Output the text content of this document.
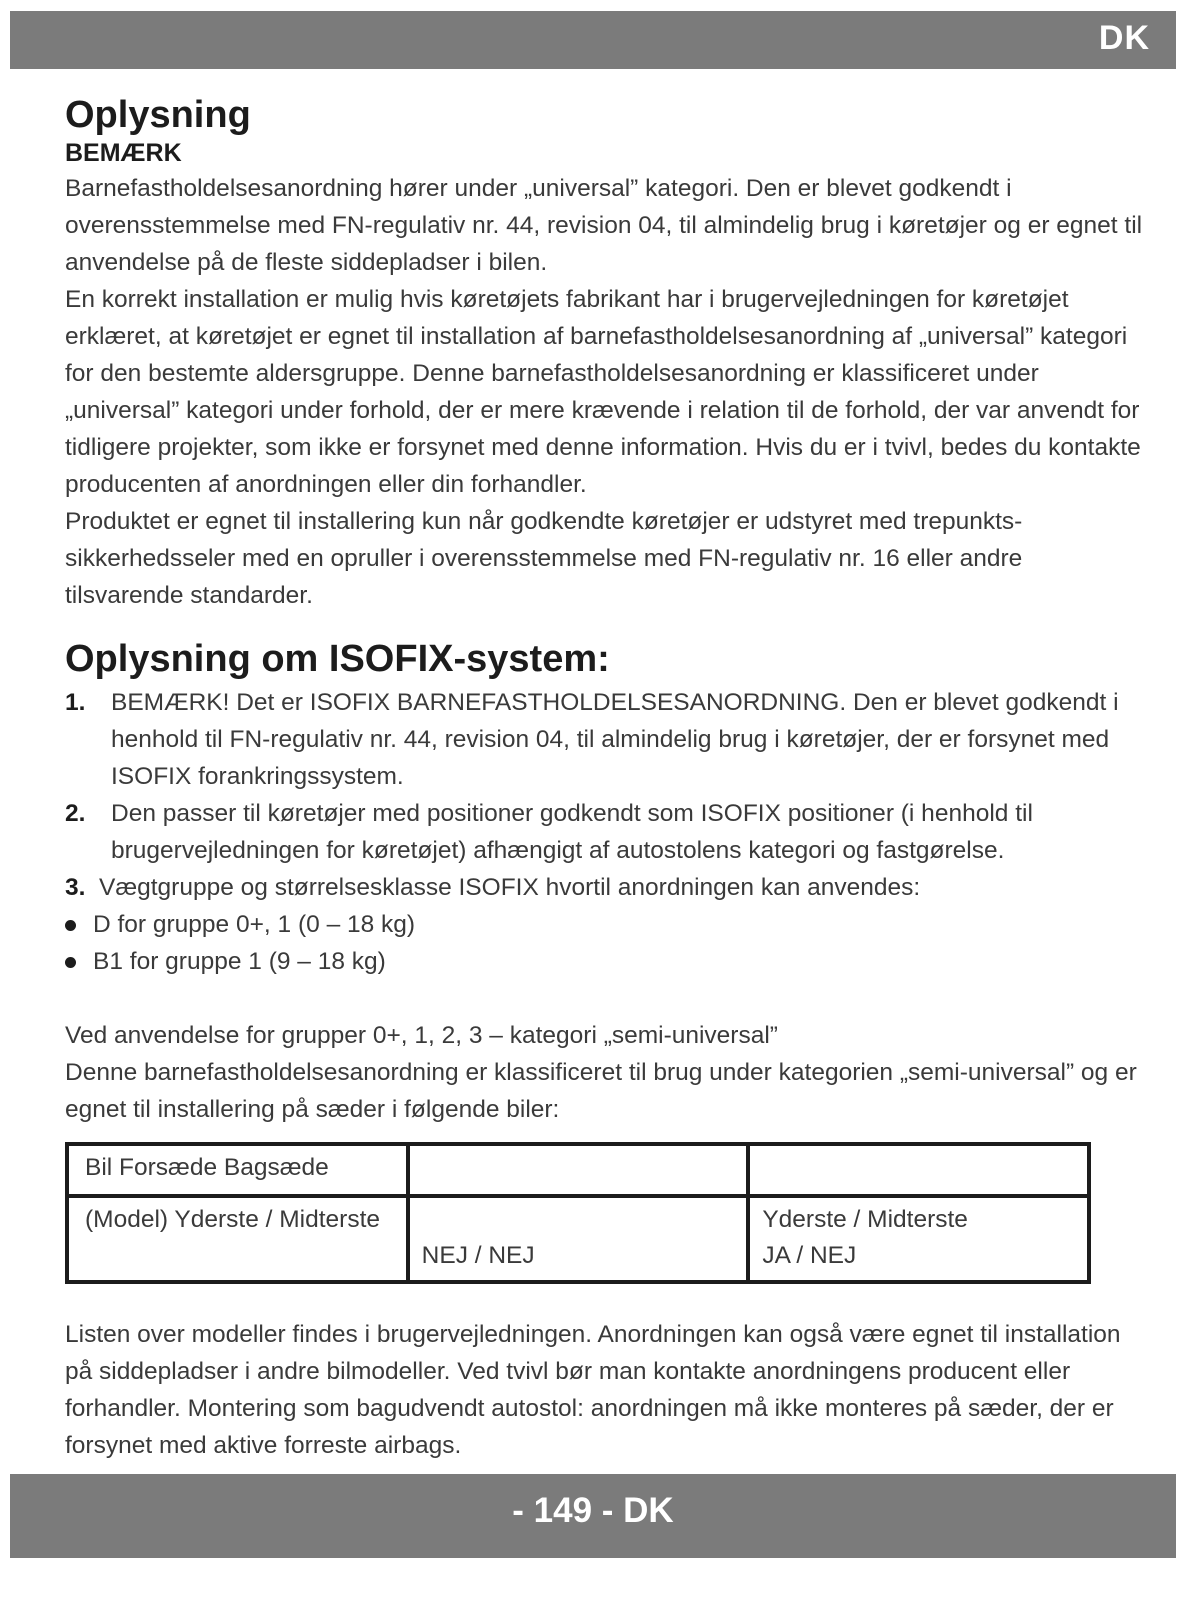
DK
Oplysning

BEMÆRK

Barnefastholdelsesanordning hører under „universal” kategori. Den er blevet godkendt i overensstemmelse med FN-regulativ nr. 44, revision 04, til almindelig brug i køretøjer og er egnet til anvendelse på de fleste siddepladser i bilen.

En korrekt installation er mulig hvis køretøjets fabrikant har i brugervejledningen for køretøjet erklæret, at køretøjet er egnet til installation af barnefastholdelsesanordning af „universal” kategori for den bestemte aldersgruppe. Denne barnefastholdelsesanordning er klassificeret under „universal” kategori under forhold, der er mere krævende i relation til de forhold, der var anvendt for tidligere projekter, som ikke er forsynet med denne information. Hvis du er i tvivl, bedes du kontakte producenten af anordningen eller din forhandler.

Produktet er egnet til installering kun når godkendte køretøjer er udstyret med trepunkts-sikkerhedsseler med en opruller i overensstemmelse med FN-regulativ nr. 16 eller andre tilsvarende standarder.

Oplysning om ISOFIX-system:
1. BEMÆRK! Det er ISOFIX BARNEFASTHOLDELSESANORDNING. Den er blevet godkendt i henhold til FN-regulativ nr. 44, revision 04, til almindelig brug i køretøjer, der er forsynet med ISOFIX forankringssystem.
2. Den passer til køretøjer med positioner godkendt som ISOFIX positioner (i henhold til brugervejledningen for køretøjet) afhængigt af autostolens kategori og fastgørelse.
3. Vægtgruppe og størrelsesklasse ISOFIX hvortil anordningen kan anvendes:
D for gruppe 0+, 1 (0 – 18 kg)
B1 for gruppe 1 (9 – 18 kg)

Ved anvendelse for grupper 0+, 1, 2, 3 – kategori „semi-universal”

Denne barnefastholdelsesanordning er klassificeret til brug under kategorien „semi-universal” og er egnet til installering på sæder i følgende biler:

Bil Forsæde Bagsæde		
(Model) Yderste / Midterste	NEJ / NEJ	Yderste / Midterste
JA / NEJ

Listen over modeller findes i brugervejledningen. Anordningen kan også være egnet til installation på siddepladser i andre bilmodeller. Ved tvivl bør man kontakte anordningens producent eller forhandler. Montering som bagudvendt autostol: anordningen må ikke monteres på sæder, der er forsynet med aktive forreste airbags.

- 149 - DK
